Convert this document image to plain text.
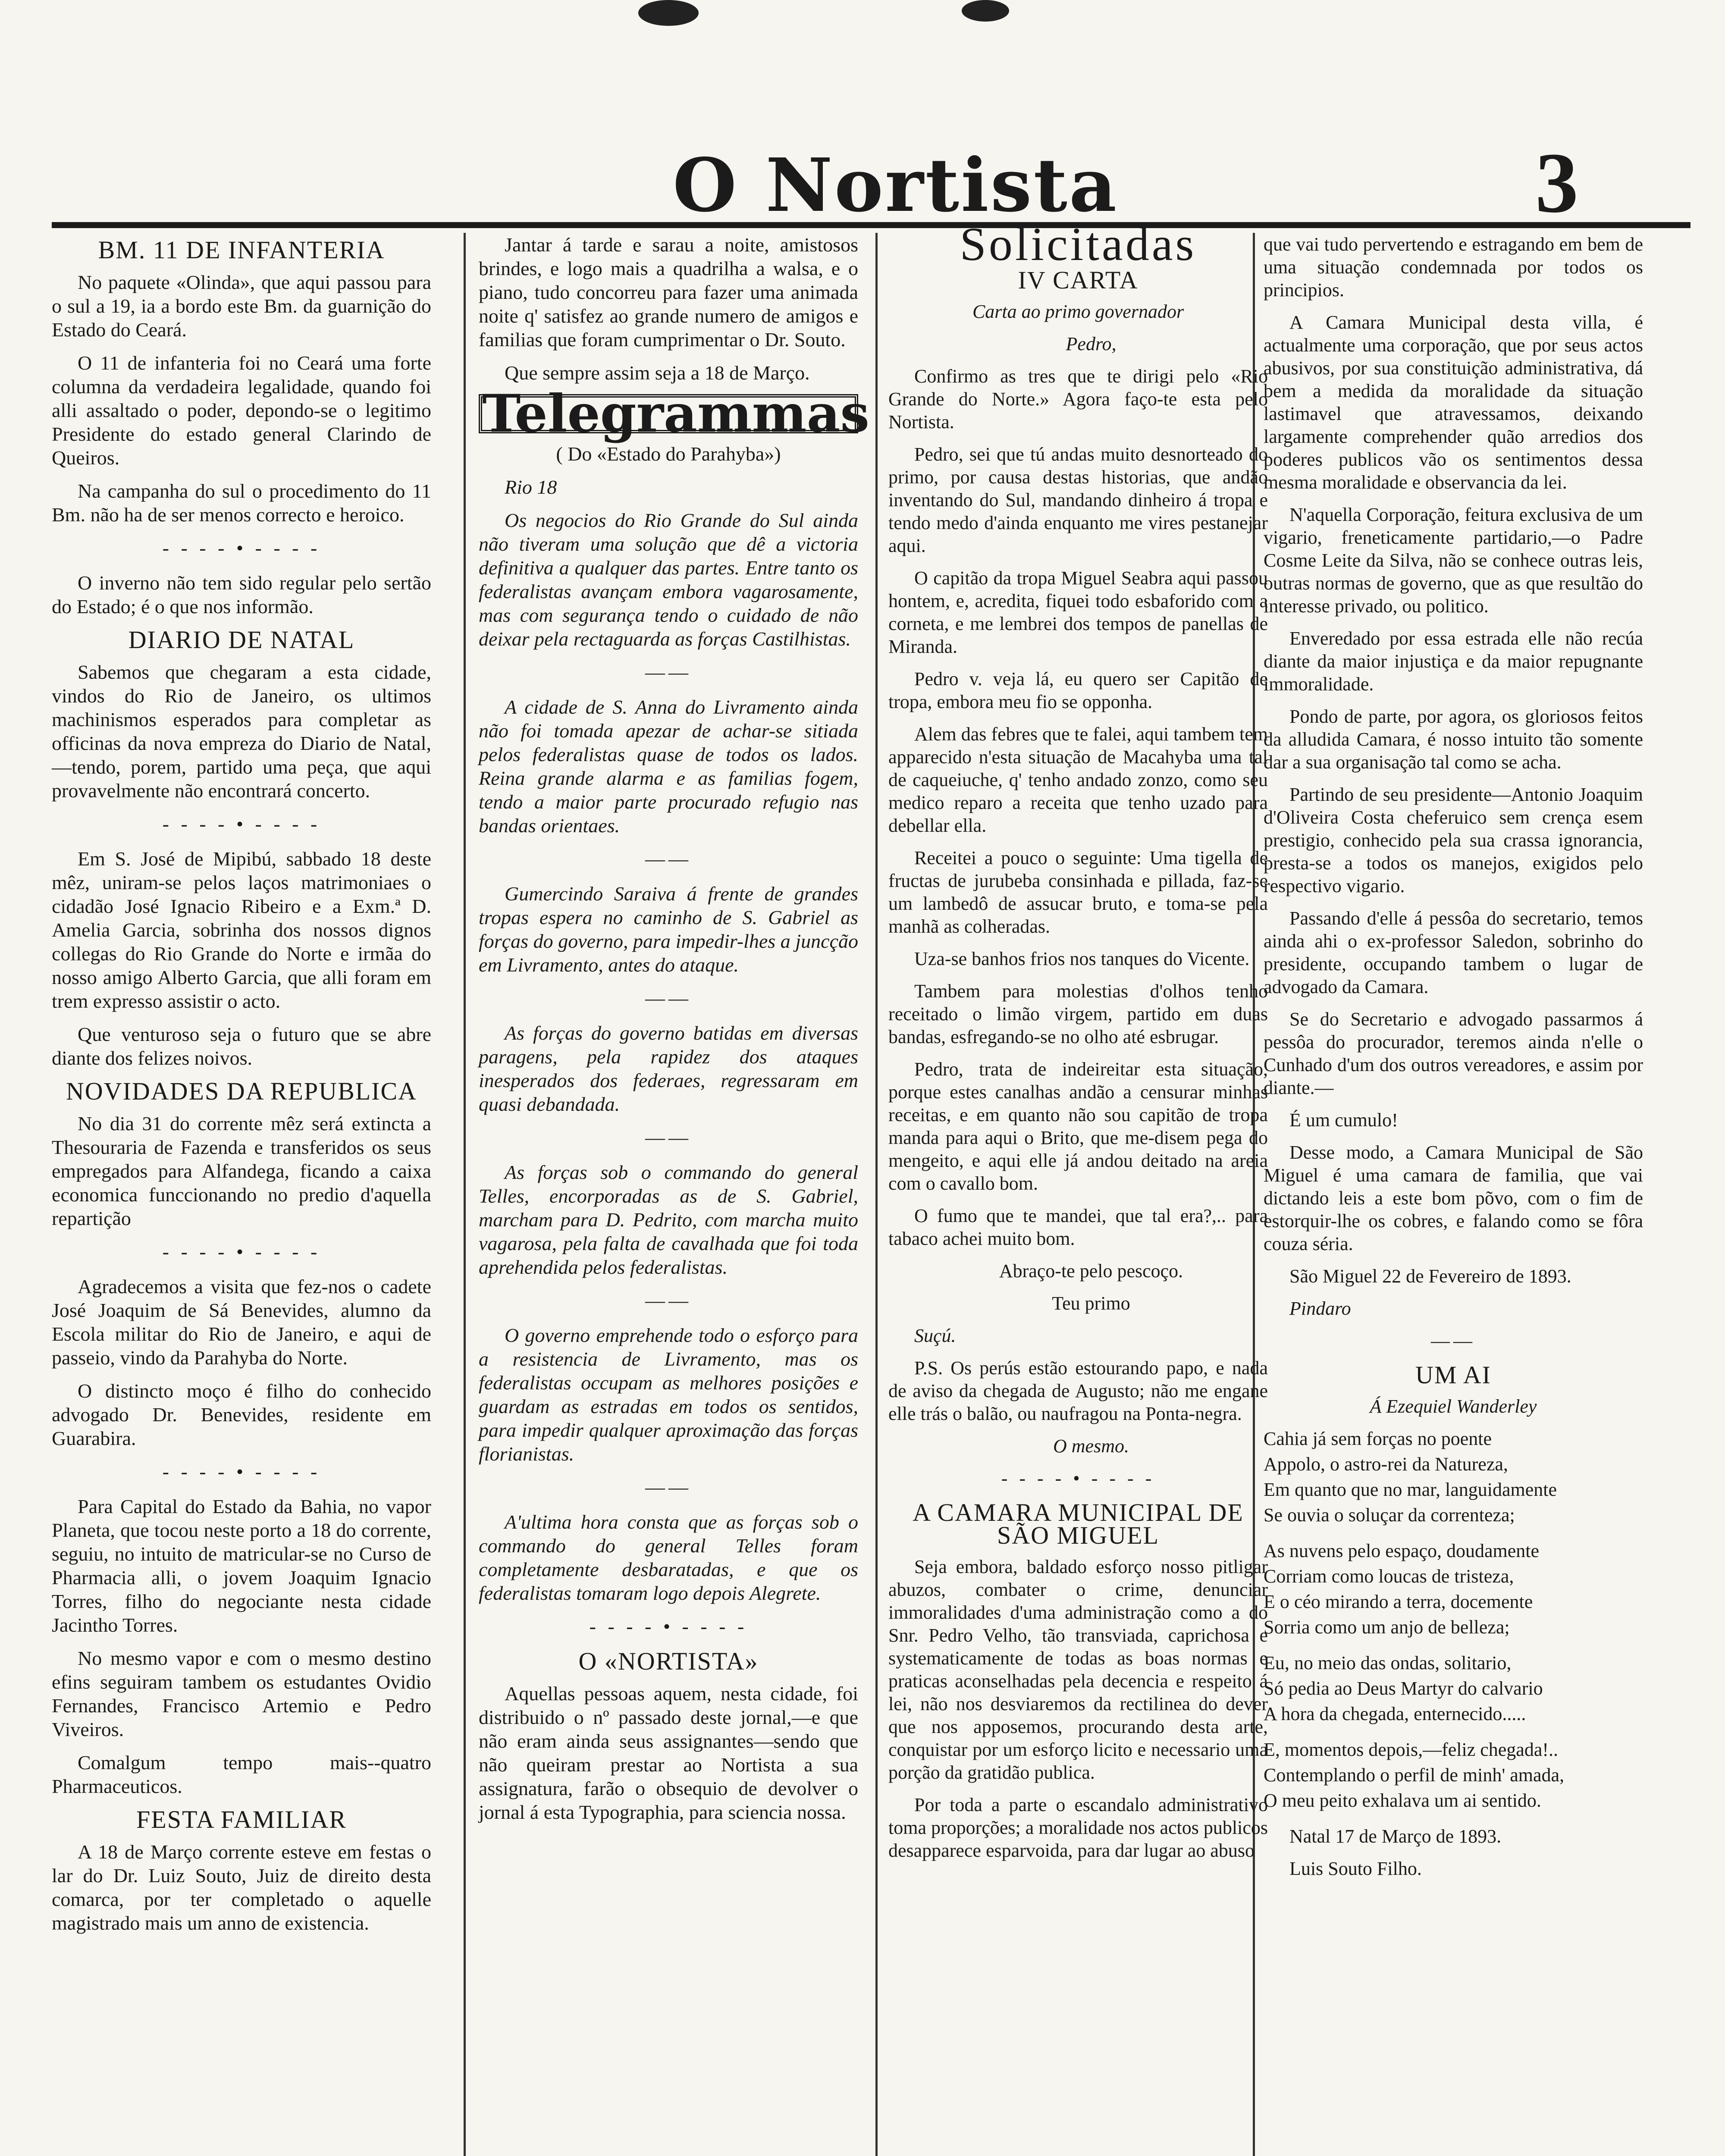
O Nortista	3
BM. 11 DE INFANTERIA

No paquete «Olinda», que aqui passou para o sul a 19, ia a bordo este Bm. da guarnição do Estado do Ceará.

O 11 de infanteria foi no Ceará uma forte columna da verdadeira legalidade, quando foi alli assaltado o poder, depondo-se o legitimo Presidente do estado general Clarindo de Queiros.

Na campanha do sul o procedimento do 11 Bm. não ha de ser menos correcto e heroico.

- - - - • - - - -

O inverno não tem sido regular pelo sertão do Estado; é o que nos informão.

DIARIO DE NATAL

Sabemos que chegaram a esta cidade, vindos do Rio de Janeiro, os ultimos machinismos esperados para completar as officinas da nova empreza do Diario de Natal,—tendo, porem, partido uma peça, que aqui provavelmente não encontrará concerto.

- - - - • - - - -

Em S. José de Mipibú, sabbado 18 deste mêz, uniram-se pelos laços matrimoniaes o cidadão José Ignacio Ribeiro e a Exm.ª D. Amelia Garcia, sobrinha dos nossos dignos collegas do Rio Grande do Norte e irmãa do nosso amigo Alberto Garcia, que alli foram em trem expresso assistir o acto.

Que venturoso seja o futuro que se abre diante dos felizes noivos.

NOVIDADES DA REPUBLICA

No dia 31 do corrente mêz será extincta a Thesouraria de Fazenda e transferidos os seus empregados para Alfandega, ficando a caixa economica funccionando no predio d'aquella repartição

- - - - • - - - -

Agradecemos a visita que fez-nos o cadete José Joaquim de Sá Benevides, alumno da Escola militar do Rio de Janeiro, e aqui de passeio, vindo da Parahyba do Norte.

O distincto moço é filho do conhecido advogado Dr. Benevides, residente em Guarabira.

- - - - • - - - -

Para Capital do Estado da Bahia, no vapor Planeta, que tocou neste porto a 18 do corrente, seguiu, no intuito de matricular-se no Curso de Pharmacia alli, o jovem Joaquim Ignacio Torres, filho do negociante nesta cidade Jacintho Torres.

No mesmo vapor e com o mesmo destino efins seguiram tambem os estudantes Ovidio Fernandes, Francisco Artemio e Pedro Viveiros.

Comalgum tempo mais--quatro Pharmaceuticos.

FESTA FAMILIAR

A 18 de Março corrente esteve em festas o lar do Dr. Luiz Souto, Juiz de direito desta comarca, por ter completado o aquelle magistrado mais um anno de existencia.

Jantar á tarde e sarau a noite, amistosos brindes, e logo mais a quadrilha a walsa, e o piano, tudo concorreu para fazer uma animada noite q' satisfez ao grande numero de amigos e familias que foram cumprimentar o Dr. Souto.

Que sempre assim seja a 18 de Março.

Telegrammas

( Do «Estado do Parahyba»)

Rio 18

Os negocios do Rio Grande do Sul ainda não tiveram uma solução que dê a victoria definitiva a qualquer das partes. Entre tanto os federalistas avançam embora vagarosamente, mas com segurança tendo o cuidado de não deixar pela rectaguarda as forças Castilhistas.

——

A cidade de S. Anna do Livramento ainda não foi tomada apezar de achar-se sitiada pelos federalistas quase de todos os lados. Reina grande alarma e as familias fogem, tendo a maior parte procurado refugio nas bandas orientaes.

——

Gumercindo Saraiva á frente de grandes tropas espera no caminho de S. Gabriel as forças do governo, para impedir-lhes a juncção em Livramento, antes do ataque.

——

As forças do governo batidas em diversas paragens, pela rapidez dos ataques inesperados dos federaes, regressaram em quasi debandada.

——

As forças sob o commando do general Telles, encorporadas as de S. Gabriel, marcham para D. Pedrito, com marcha muito vagarosa, pela falta de cavalhada que foi toda aprehendida pelos federalistas.

——

O governo emprehende todo o esforço para a resistencia de Livramento, mas os federalistas occupam as melhores posições e guardam as estradas em todos os sentidos, para impedir qualquer aproximação das forças florianistas.

——

A'ultima hora consta que as forças sob o commando do general Telles foram completamente desbaratadas, e que os federalistas tomaram logo depois Alegrete.

- - - - • - - - -
O «NORTISTA»

Aquellas pessoas aquem, nesta cidade, foi distribuido o nº passado deste jornal,—e que não eram ainda seus assignantes—sendo que não queiram prestar ao Nortista a sua assignatura, farão o obsequio de devolver o jornal á esta Typographia, para sciencia nossa.

Solicitadas
IV CARTA

Carta ao primo governador

Pedro,

Confirmo as tres que te dirigi pelo «Rio Grande do Norte.» Agora faço-te esta pelo Nortista.

Pedro, sei que tú andas muito desnorteado do primo, por causa destas historias, que andão inventando do Sul, mandando dinheiro á tropa e tendo medo d'ainda enquanto me vires pestanejar aqui.

O capitão da tropa Miguel Seabra aqui passou hontem, e, acredita, fiquei todo esbaforido com a corneta, e me lembrei dos tempos de panellas de Miranda.

Pedro v. veja lá, eu quero ser Capitão de tropa, embora meu fio se opponha.

Alem das febres que te falei, aqui tambem tem apparecido n'esta situação de Macahyba uma tal de caqueiuche, q' tenho andado zonzo, como seu medico reparo a receita que tenho uzado para debellar ella.

Receitei a pouco o seguinte: Uma tigella de fructas de jurubeba consinhada e pillada, faz-se um lambedô de assucar bruto, e toma-se pela manhã as colheradas.

Uza-se banhos frios nos tanques do Vicente.

Tambem para molestias d'olhos tenho receitado o limão virgem, partido em duas bandas, esfregando-se no olho até esbrugar.

Pedro, trata de indeireitar esta situação, porque estes canalhas andão a censurar minhas receitas, e em quanto não sou capitão de tropa manda para aqui o Brito, que me-disem pega do mengeito, e aqui elle já andou deitado na areia com o cavallo bom.

O fumo que te mandei, que tal era?,.. para tabaco achei muito bom.

Abraço-te pelo pescoço.

Teu primo

Suçú.

P.S. Os perús estão estourando papo, e nada de aviso da chegada de Augusto; não me engane elle trás o balão, ou naufragou na Ponta-negra.

O mesmo.

- - - - • - - - -
A CAMARA MUNICIPAL DE SÃO MIGUEL

Seja embora, baldado esforço nosso pitligar abuzos, combater o crime, denunciar immoralidades d'uma administração como a do Snr. Pedro Velho, tão transviada, caprichosa e systematicamente de todas as boas normas e praticas aconselhadas pela decencia e respeito á lei, não nos desviaremos da rectilinea do dever que nos apposemos, procurando desta arte, conquistar por um esforço licito e necessario uma porção da gratidão publica.

Por toda a parte o escandalo administrativo toma proporções; a moralidade nos actos publicos desapparece esparvoida, para dar lugar ao abuso

que vai tudo pervertendo e estragando em bem de uma situação condemnada por todos os principios.

A Camara Municipal desta villa, é actualmente uma corporação, que por seus actos abusivos, por sua constituição administrativa, dá bem a medida da moralidade da situação lastimavel que atravessamos, deixando largamente comprehender quão arredios dos poderes publicos vão os sentimentos dessa mesma moralidade e observancia da lei.

N'aquella Corporação, feitura exclusiva de um vigario, freneticamente partidario,—o Padre Cosme Leite da Silva, não se conhece outras leis, outras normas de governo, que as que resultão do interesse privado, ou politico.

Enveredado por essa estrada elle não recúa diante da maior injustiça e da maior repugnante immoralidade.

Pondo de parte, por agora, os gloriosos feitos da alludida Camara, é nosso intuito tão somente dar a sua organisação tal como se acha.

Partindo de seu presidente—Antonio Joaquim d'Oliveira Costa cheferuico sem crença esem prestigio, conhecido pela sua crassa ignorancia, presta-se a todos os manejos, exigidos pelo respectivo vigario.

Passando d'elle á pessôa do secretario, temos ainda ahi o ex-professor Saledon, sobrinho do presidente, occupando tambem o lugar de advogado da Camara.

Se do Secretario e advogado passarmos á pessôa do procurador, teremos ainda n'elle o Cunhado d'um dos outros vereadores, e assim por diante.—

É um cumulo!

Desse modo, a Camara Municipal de São Miguel é uma camara de familia, que vai dictando leis a este bom põvo, com o fim de estorquir-lhe os cobres, e falando como se fôra couza séria.

São Miguel 22 de Fevereiro de 1893.

Pindaro

——
UM AI

Á Ezequiel Wanderley

Cahia já sem forças no poente

Appolo, o astro-rei da Natureza,

Em quanto que no mar, languidamente

Se ouvia o soluçar da correnteza;

As nuvens pelo espaço, doudamente

Corriam como loucas de tristeza,

E o céo mirando a terra, docemente

Sorria como um anjo de belleza;

Eu, no meio das ondas, solitario,

Só pedia ao Deus Martyr do calvario

A hora da chegada, enternecido.....

E, momentos depois,—feliz chegada!..

Contemplando o perfil de minh' amada,

O meu peito exhalava um ai sentido.

Natal 17 de Março de 1893.

Luis Souto Filho.
